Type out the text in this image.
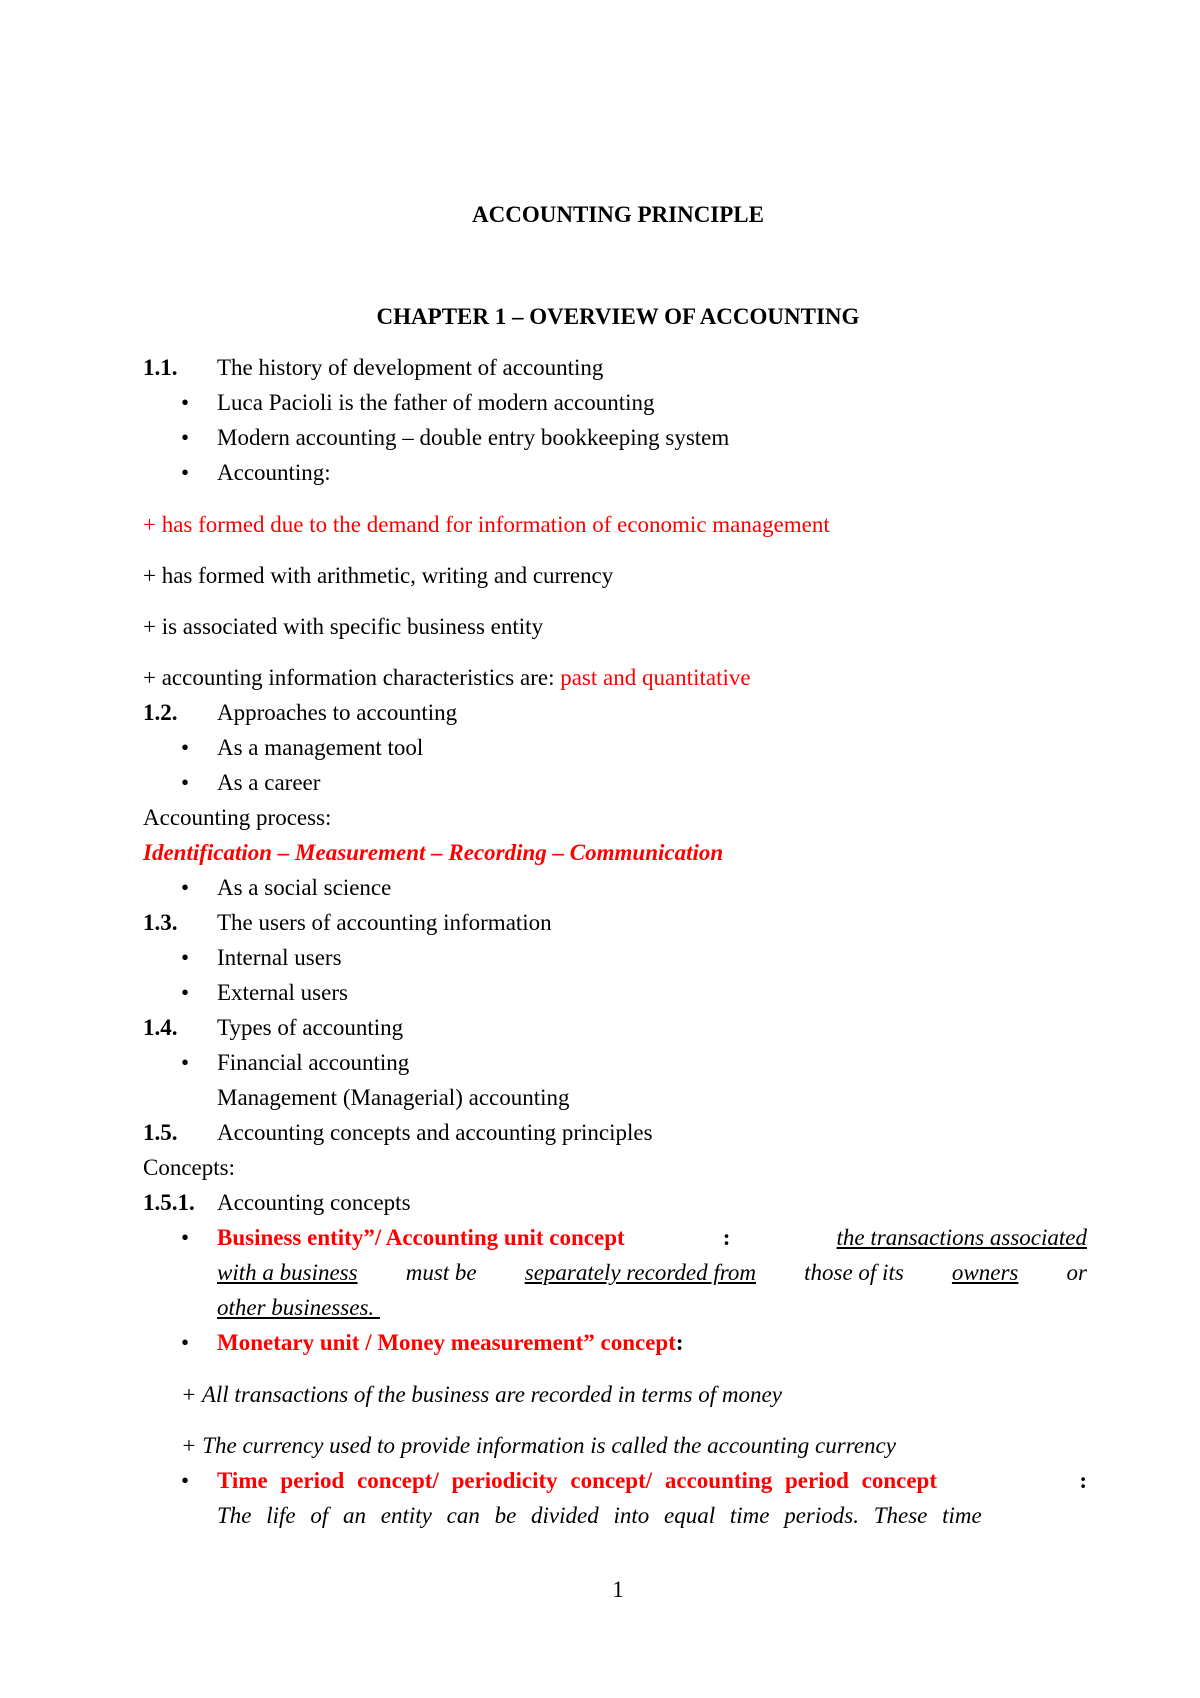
ACCOUNTING PRINCIPLE
CHAPTER 1 – OVERVIEW OF ACCOUNTING
1.1. The history of development of accounting
• Luca Pacioli is the father of modern accounting
• Modern accounting – double entry bookkeeping system
• Accounting:
+ has formed due to the demand for information of economic management
+ has formed with arithmetic, writing and currency
+ is associated with specific business entity
+ accounting information characteristics are: past and quantitative
1.2. Approaches to accounting
• As a management tool
• As a career
Accounting process:
Identification – Measurement – Recording – Communication
• As a social science
1.3. The users of accounting information
• Internal users
• External users
1.4. Types of accounting
• Financial accounting
Management (Managerial) accounting
1.5. Accounting concepts and accounting principles
Concepts:
1.5.1. Accounting concepts
• Business entity”/ Accounting unit concept	:	the transactions associated
with a business must be separately recorded from those of its owners or
other businesses.
• Monetary unit / Money measurement” concept:
+ All transactions of the business are recorded in terms of money
+ The currency used to provide information is called the accounting currency
• Time period concept/ periodicity concept/ accounting period concept	:
The life of an entity can be divided into equal time periods. These time
1
